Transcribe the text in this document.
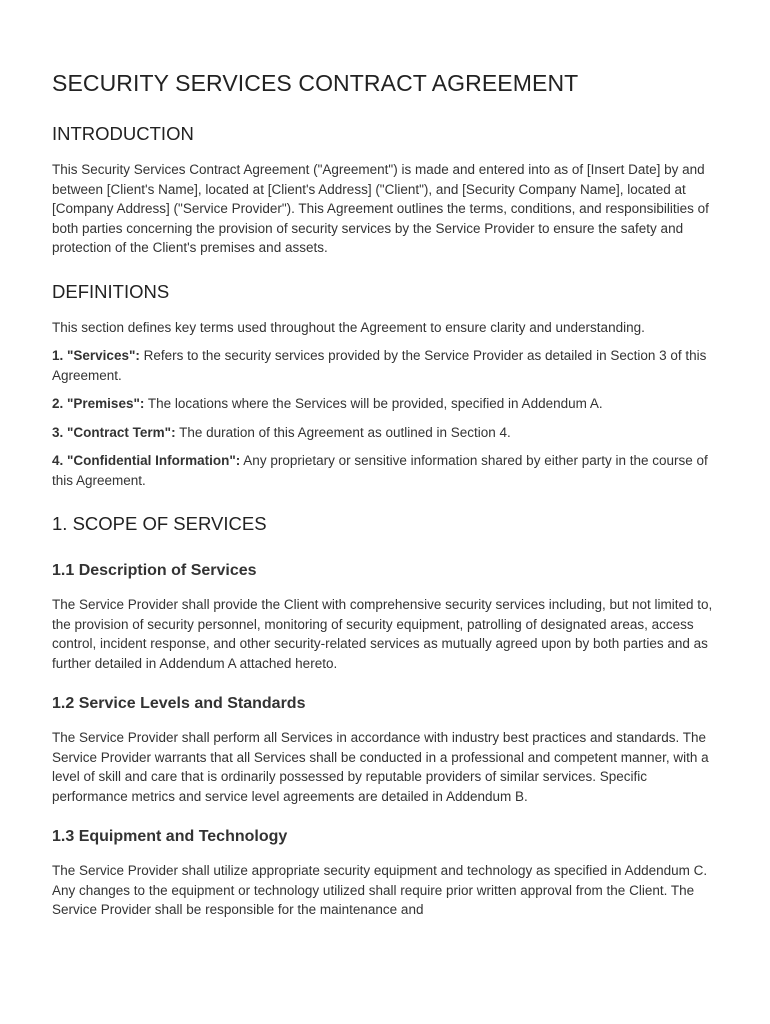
SECURITY SERVICES CONTRACT AGREEMENT
INTRODUCTION

This Security Services Contract Agreement ("Agreement") is made and entered into as of [Insert Date] by and between [Client's Name], located at [Client's Address] ("Client"), and [Security Company Name], located at [Company Address] ("Service Provider"). This Agreement outlines the terms, conditions, and responsibilities of both parties concerning the provision of security services by the Service Provider to ensure the safety and protection of the Client's premises and assets.

DEFINITIONS

This section defines key terms used throughout the Agreement to ensure clarity and understanding.

1. "Services": Refers to the security services provided by the Service Provider as detailed in Section 3 of this Agreement.

2. "Premises": The locations where the Services will be provided, specified in Addendum A.

3. "Contract Term": The duration of this Agreement as outlined in Section 4.

4. "Confidential Information": Any proprietary or sensitive information shared by either party in the course of this Agreement.

1. SCOPE OF SERVICES
1.1 Description of Services

The Service Provider shall provide the Client with comprehensive security services including, but not limited to, the provision of security personnel, monitoring of security equipment, patrolling of designated areas, access control, incident response, and other security-related services as mutually agreed upon by both parties and as further detailed in Addendum A attached hereto.

1.2 Service Levels and Standards

The Service Provider shall perform all Services in accordance with industry best practices and standards. The Service Provider warrants that all Services shall be conducted in a professional and competent manner, with a level of skill and care that is ordinarily possessed by reputable providers of similar services. Specific performance metrics and service level agreements are detailed in Addendum B.

1.3 Equipment and Technology

The Service Provider shall utilize appropriate security equipment and technology as specified in Addendum C. Any changes to the equipment or technology utilized shall require prior written approval from the Client. The Service Provider shall be responsible for the maintenance and
